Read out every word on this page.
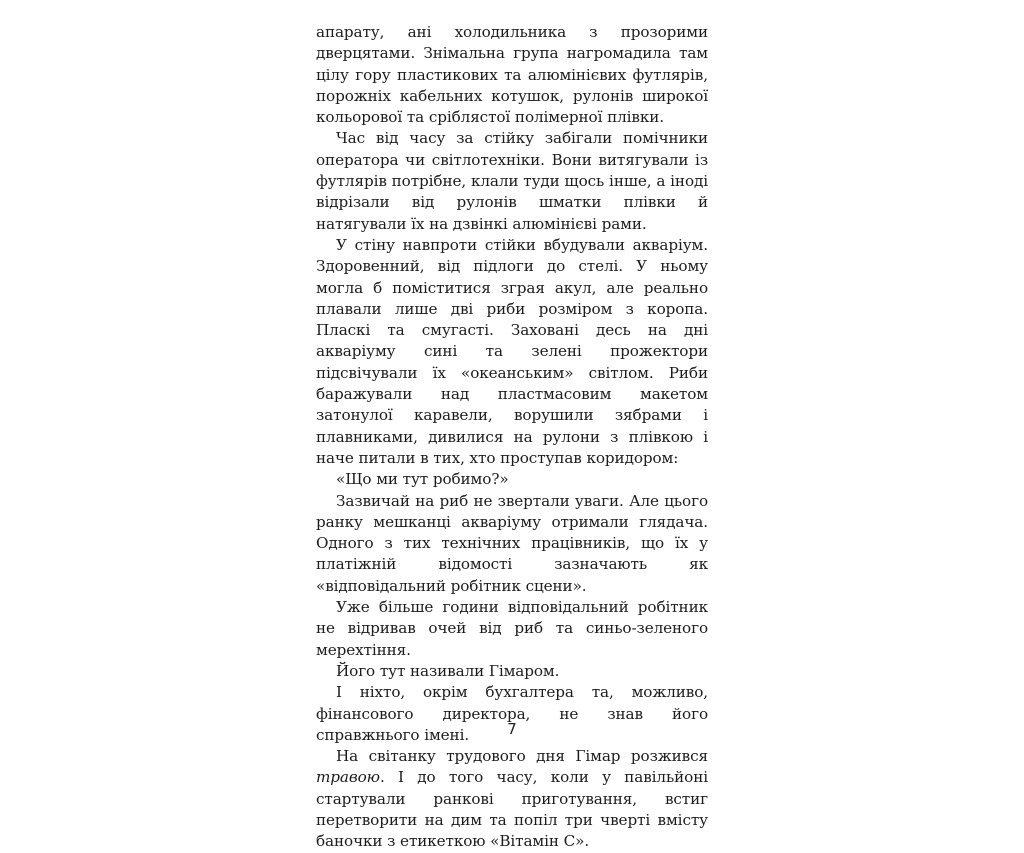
апарату, ані холодильника з прозорими дверцятами. Знімальна група нагромадила там цілу гору пластикових та алюмінієвих футлярів, порожніх кабельних котушок, рулонів широкої кольорової та сріблястої полімерної плівки.

Час від часу за стійку забігали помічники оператора чи світлотехніки. Вони витягували із футлярів потрібне, клали туди щось інше, а іноді відрізали від рулонів шматки плівки й натягували їх на дзвінкі алюмінієві рами.

У стіну навпроти стійки вбудували акваріум. Здоровенний, від підлоги до стелі. У ньому могла б поміститися зграя акул, але реально плавали лише дві риби розміром з коропа. Пласкі та смугасті. Заховані десь на дні акваріуму сині та зелені прожектори підсвічували їх «океанським» світлом. Риби баражували над пластмасовим макетом затонулої каравели, ворушили зябрами і плавниками, дивилися на рулони з плівкою і наче питали в тих, хто проступав коридором:

«Що ми тут робимо?»

Зазвичай на риб не звертали уваги. Але цього ранку мешканці акваріуму отримали глядача. Одного з тих технічних працівників, що їх у платіжній відомості зазначають як «відповідальний робітник сцени».

Уже більше години відповідальний робітник не відривав очей від риб та синьо-зеленого мерехтіння.

Його тут називали Гімаром.

І ніхто, окрім бухгалтера та, можливо, фінансового директора, не знав його справжнього імені.

На світанку трудового дня Гімар розжився травою. І до того часу, коли у павільйоні стартували ранкові приготування, встиг перетворити на дим та попіл три чверті вмісту баночки з етикеткою «Вітамін С».

7
